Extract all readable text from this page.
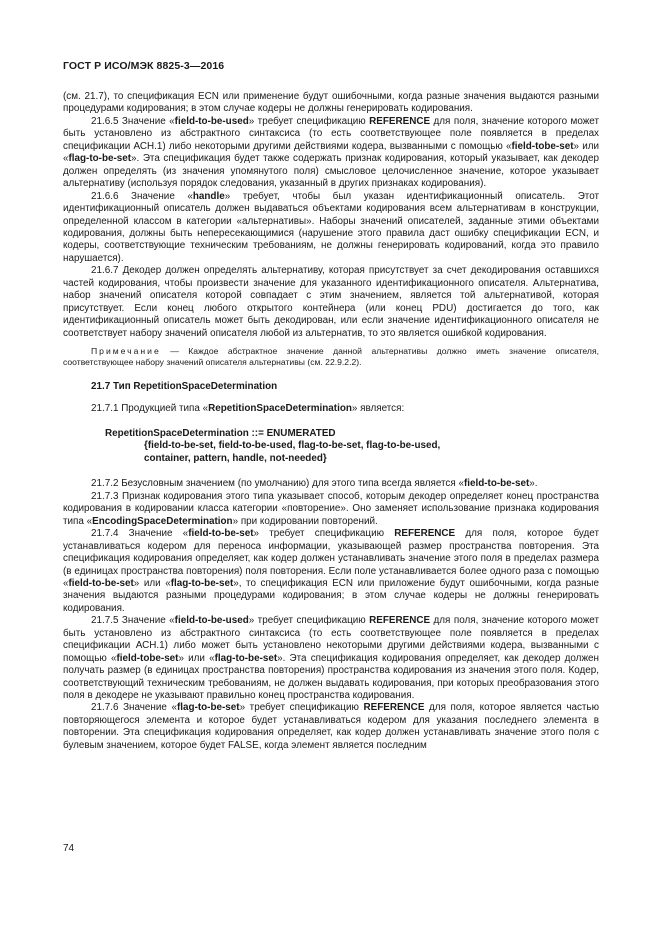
ГОСТ Р ИСО/МЭК 8825-3—2016

(см. 21.7), то спецификация ECN или применение будут ошибочными, когда разные значения выдаются разными процедурами кодирования; в этом случае кодеры не должны генерировать кодирования.

21.6.5 Значение «field-to-be-used» требует спецификацию REFERENCE для поля, значение которого может быть установлено из абстрактного синтаксиса (то есть соответствующее поле появляется в пределах спецификации АСН.1) либо некоторыми другими действиями кодера, вызванными с помощью «field-tobe-set» или «flag-to-be-set». Эта спецификация будет также содержать признак кодирования, который указывает, как декодер должен определять (из значения упомянутого поля) смысловое целочисленное значение, которое указывает альтернативу (используя порядок следования, указанный в других признаках кодирования).

21.6.6 Значение «handle» требует, чтобы был указан идентификационный описатель. Этот идентификационный описатель должен выдаваться объектами кодирования всем альтернативам в конструкции, определенной классом в категории «альтернативы». Наборы значений описателей, заданные этими объектами кодирования, должны быть непересекающимися (нарушение этого правила даст ошибку спецификации ECN, и кодеры, соответствующие техническим требованиям, не должны генерировать кодирований, когда это правило нарушается).

21.6.7 Декодер должен определять альтернативу, которая присутствует за счет декодирования оставшихся частей кодирования, чтобы произвести значение для указанного идентификационного описателя. Альтернатива, набор значений описателя которой совпадает с этим значением, является той альтернативой, которая присутствует. Если конец любого открытого контейнера (или конец PDU) достигается до того, как идентификационный описатель может быть декодирован, или если значение идентификационного описателя не соответствует набору значений описателя любой из альтернатив, то это является ошибкой кодирования.

Примечание — Каждое абстрактное значение данной альтернативы должно иметь значение описателя, соответствующее набору значений описателя альтернативы (см. 22.9.2.2).

21.7 Тип RepetitionSpaceDetermination

21.7.1 Продукцией типа «RepetitionSpaceDetermination» является:

RepetitionSpaceDetermination ::= ENUMERATED
{field-to-be-set, field-to-be-used, flag-to-be-set, flag-to-be-used,
container, pattern, handle, not-needed}

21.7.2 Безусловным значением (по умолчанию) для этого типа всегда является «field-to-be-set».

21.7.3 Признак кодирования этого типа указывает способ, которым декодер определяет конец пространства кодирования в кодировании класса категории «повторение». Оно заменяет использование признака кодирования типа «EncodingSpaceDetermination» при кодировании повторений.

21.7.4 Значение «field-to-be-set» требует спецификацию REFERENCE для поля, которое будет устанавливаться кодером для переноса информации, указывающей размер пространства повторения. Эта спецификация кодирования определяет, как кодер должен устанавливать значение этого поля в пределах размера (в единицах пространства повторения) поля повторения. Если поле устанавливается более одного раза с помощью «field-to-be-set» или «flag-to-be-set», то спецификация ECN или приложение будут ошибочными, когда разные значения выдаются разными процедурами кодирования; в этом случае кодеры не должны генерировать кодирования.

21.7.5 Значение «field-to-be-used» требует спецификацию REFERENCE для поля, значение которого может быть установлено из абстрактного синтаксиса (то есть соответствующее поле появляется в пределах спецификации АСН.1) либо может быть установлено некоторыми другими действиями кодера, вызванными с помощью «field-tobe-set» или «flag-to-be-set». Эта спецификация кодирования определяет, как декодер должен получать размер (в единицах пространства повторения) пространства кодирования из значения этого поля. Кодер, соответствующий техническим требованиям, не должен выдавать кодирования, при которых преобразования этого поля в декодере не указывают правильно конец пространства кодирования.

21.7.6 Значение «flag-to-be-set» требует спецификацию REFERENCE для поля, которое является частью повторяющегося элемента и которое будет устанавливаться кодером для указания последнего элемента в повторении. Эта спецификация кодирования определяет, как кодер должен устанавливать значение этого поля с булевым значением, которое будет FALSE, когда элемент является последним

74
